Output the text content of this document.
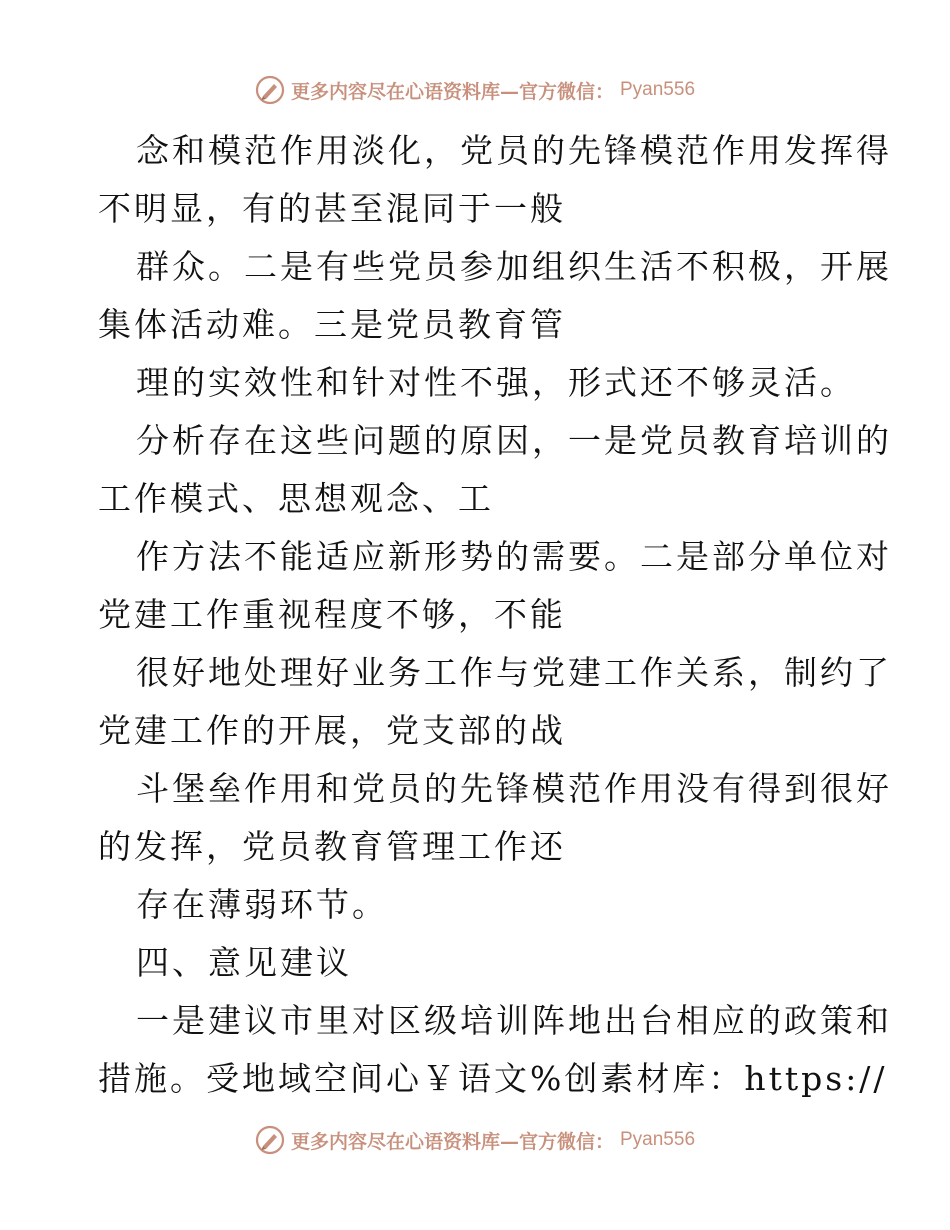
更多内容尽在心语资料库—官方微信： Pyan556
念和模范作用淡化，党员的先锋模范作用发挥得
不明显，有的甚至混同于一般
群众。二是有些党员参加组织生活不积极，开展
集体活动难。三是党员教育管
理的实效性和针对性不强，形式还不够灵活。
分析存在这些问题的原因，一是党员教育培训的
工作模式、思想观念、工
作方法不能适应新形势的需要。二是部分单位对
党建工作重视程度不够，不能
很好地处理好业务工作与党建工作关系，制约了
党建工作的开展，党支部的战
斗堡垒作用和党员的先锋模范作用没有得到很好
的发挥，党员教育管理工作还
存在薄弱环节。
四、意见建议
一是建议市里对区级培训阵地出台相应的政策和
措施。受地域空间心￥语文%创素材库：https://
更多内容尽在心语资料库—官方微信： Pyan556
